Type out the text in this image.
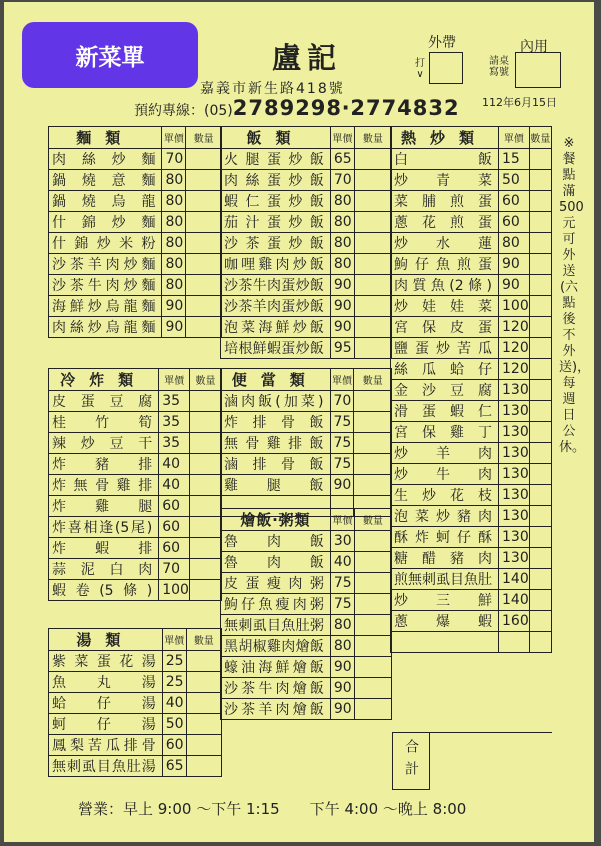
新菜單	盧記
嘉義市新生路418號
預約專線：(05)2789298‧2774832
外帶
打∨
內用
請桌寫號
112年6月15日
麵類	單價	數量
肉絲炒麵	70	
鍋燒意麵	80	
鍋燒烏龍	80	
什錦炒麵	80	
什錦炒米粉	80	
沙茶羊肉炒麵	80	
沙茶牛肉炒麵	80	
海鮮炒烏龍麵	90	
肉絲炒烏龍麵	90	
冷炸類	單價	數量
皮蛋豆腐	35	
桂竹筍	35	
辣炒豆干	35	
炸豬排	40	
炸無骨雞排	40	
炸雞腿	60	
炸喜相逢(5尾)	60	
炸蝦排	60	
蒜泥白肉	70	
蝦卷(5條)	100	
湯類	單價	數量
紫菜蛋花湯	25	
魚丸湯	25	
蛤仔湯	40	
蚵仔湯	50	
鳳梨苦瓜排骨	60	
無刺虱目魚肚湯	65	
飯類	單價	數量
火腿蛋炒飯	65	
肉絲蛋炒飯	70	
蝦仁蛋炒飯	80	
茄汁蛋炒飯	80	
沙茶蛋炒飯	80	
咖哩雞肉炒飯	80	
沙茶牛肉蛋炒飯	90	
沙茶羊肉蛋炒飯	90	
泡菜海鮮炒飯	90	
培根鮮蝦蛋炒飯	95	
便當類	單價	數量
滷肉飯(加菜)	70	
炸排骨飯	75	
無骨雞排飯	75	
滷排骨飯	75	
雞腿飯	90	

燴飯‧粥類	單價	數量
魯肉飯	30	
魯肉飯	40	
皮蛋瘦肉粥	75	
鮈仔魚瘦肉粥	75	
無刺虱目魚肚粥	80	
黑胡椒雞肉燴飯	80	
蠔油海鮮燴飯	90	
沙茶牛肉燴飯	90	
沙茶羊肉燴飯	90	
熱炒類	單價	數量
白飯	15	
炒青菜	50	
菜脯煎蛋	60	
蔥花煎蛋	60	
炒水蓮	80	
鮈仔魚煎蛋	90	
肉質魚(2條)	90	
炒娃娃菜	100	
宮保皮蛋	120	
鹽蛋炒苦瓜	120	
絲瓜蛤仔	120	
金沙豆腐	130	
滑蛋蝦仁	130	
宮保雞丁	130	
炒羊肉	130	
炒牛肉	130	
生炒花枝	130	
泡菜炒豬肉	130	
酥炸蚵仔酥	130	
糖醋豬肉	130	
煎無刺虱目魚肚	140	
炒三鮮	140	
蔥爆蝦	160	

合計
※餐點滿500元可外送(六點後不外送)，每週日公休。
營業：早上 9:00 ～下午 1:15　　下午 4:00 ～晚上 8:00
